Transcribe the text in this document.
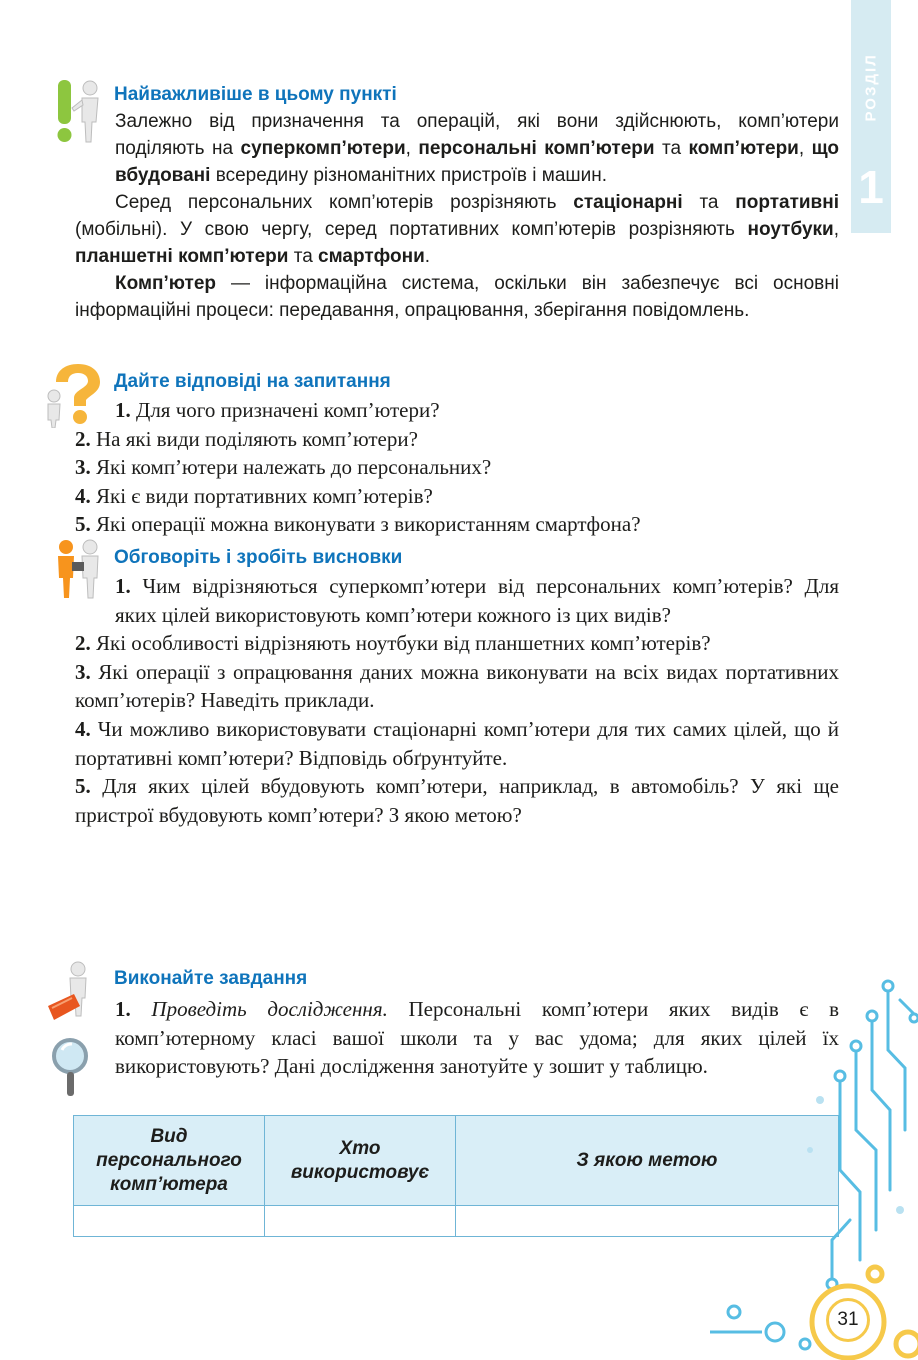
РОЗДІЛ
1
Найважливіше в цьому пункті

Залежно від призначення та операцій, які вони здійснюють, комп’ютери поділяють на суперкомп’ютери, персональні комп’ютери та комп’ютери, що вбудовані всередину різноманітних пристроїв і машин.

Серед персональних комп’ютерів розрізняють стаціонарні та портативні (мобільні). У свою чергу, серед портативних комп’ютерів розрізняють ноутбуки, планшетні комп’ютери та смартфони.

Комп’ютер — інформаційна система, оскільки він забезпечує всі основні інформаційні процеси: передавання, опрацювання, зберігання повідомлень.

Дайте відповіді на запитання

1. Для чого призначені комп’ютери?

2. На які види поділяють комп’ютери?

3. Які комп’ютери належать до персональних?

4. Які є види портативних комп’ютерів?

5. Які операції можна виконувати з використанням смартфона?

Обговоріть і зробіть висновки

1. Чим відрізняються суперкомп’ютери від персональних комп’ютерів? Для яких цілей використовують комп’ютери кожного із цих видів?

2. Які особливості відрізняють ноутбуки від планшетних комп’ютерів?

3. Які операції з опрацювання даних можна виконувати на всіх видах портативних комп’ютерів? Наведіть приклади.

4. Чи можливо використовувати стаціонарні комп’ютери для тих самих цілей, що й портативні комп’ютери? Відповідь обґрунтуйте.

5. Для яких цілей вбудовують комп’ютери, наприклад, в автомобіль? У які ще пристрої вбудовують комп’ютери? З якою метою?

Виконайте завдання

1. Проведіть дослідження. Персональні комп’ютери яких видів є в комп’ютерному класі вашої школи та у вас удома; для яких цілей їх використовують? Дані дослідження занотуйте у зошит у таблицю.

Вид персонального комп’ютера	Хто використовує	З якою метою

31
